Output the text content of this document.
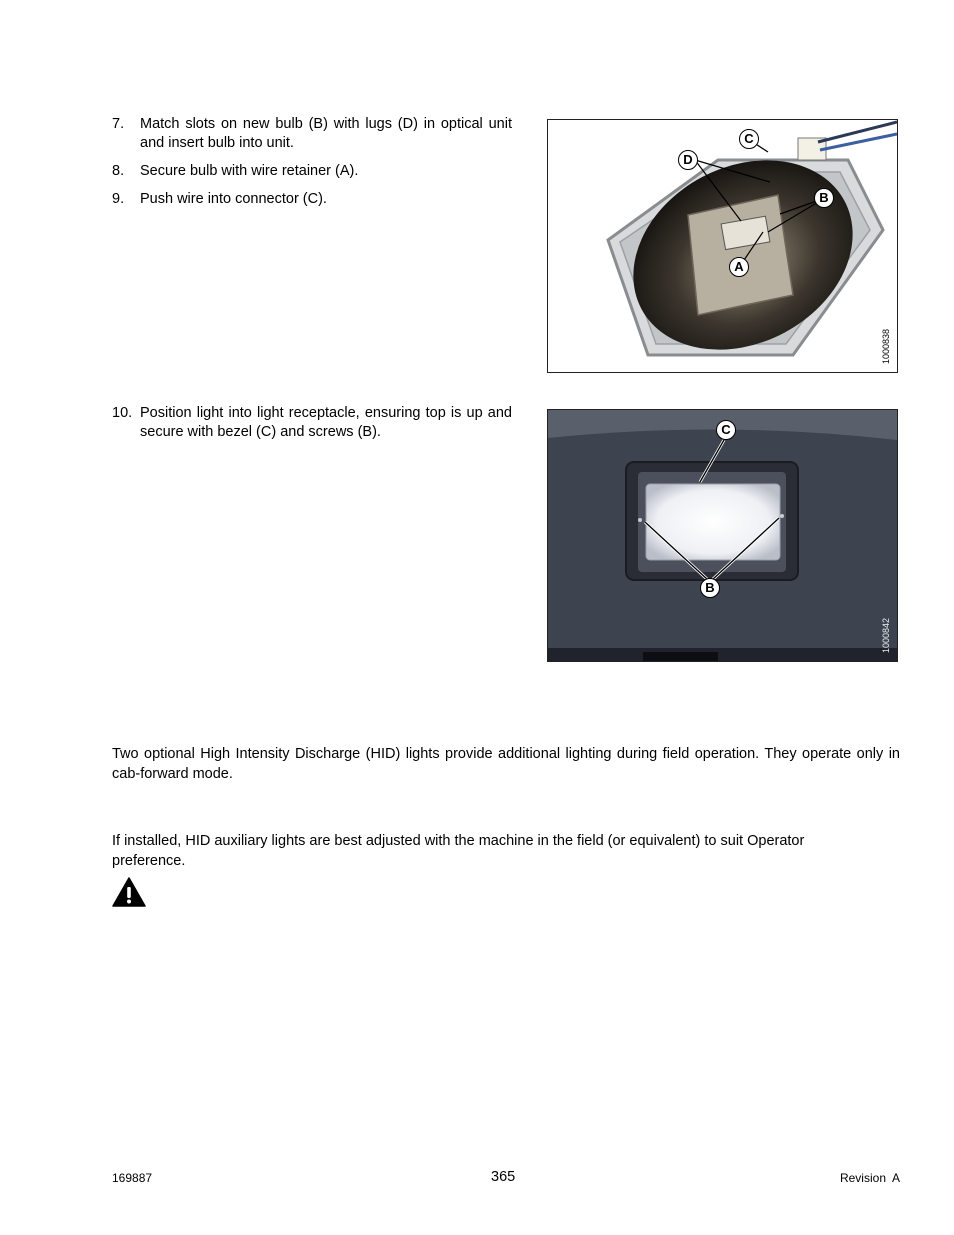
7. Match slots on new bulb (B) with lugs (D) in optical unit and insert bulb into unit.
8. Secure bulb with wire retainer (A).
9. Push wire into connector (C).
C
D
B
A
1000838
10. Position light into light receptacle, ensuring top is up and secure with bezel (C) and screws (B).	C
B
1000842
Two optional High Intensity Discharge (HID) lights provide additional lighting during field operation. They operate only in cab-forward mode.
If installed, HID auxiliary lights are best adjusted with the machine in the field (or equivalent) to suit Operator preference.
169887	365	Revision  A
